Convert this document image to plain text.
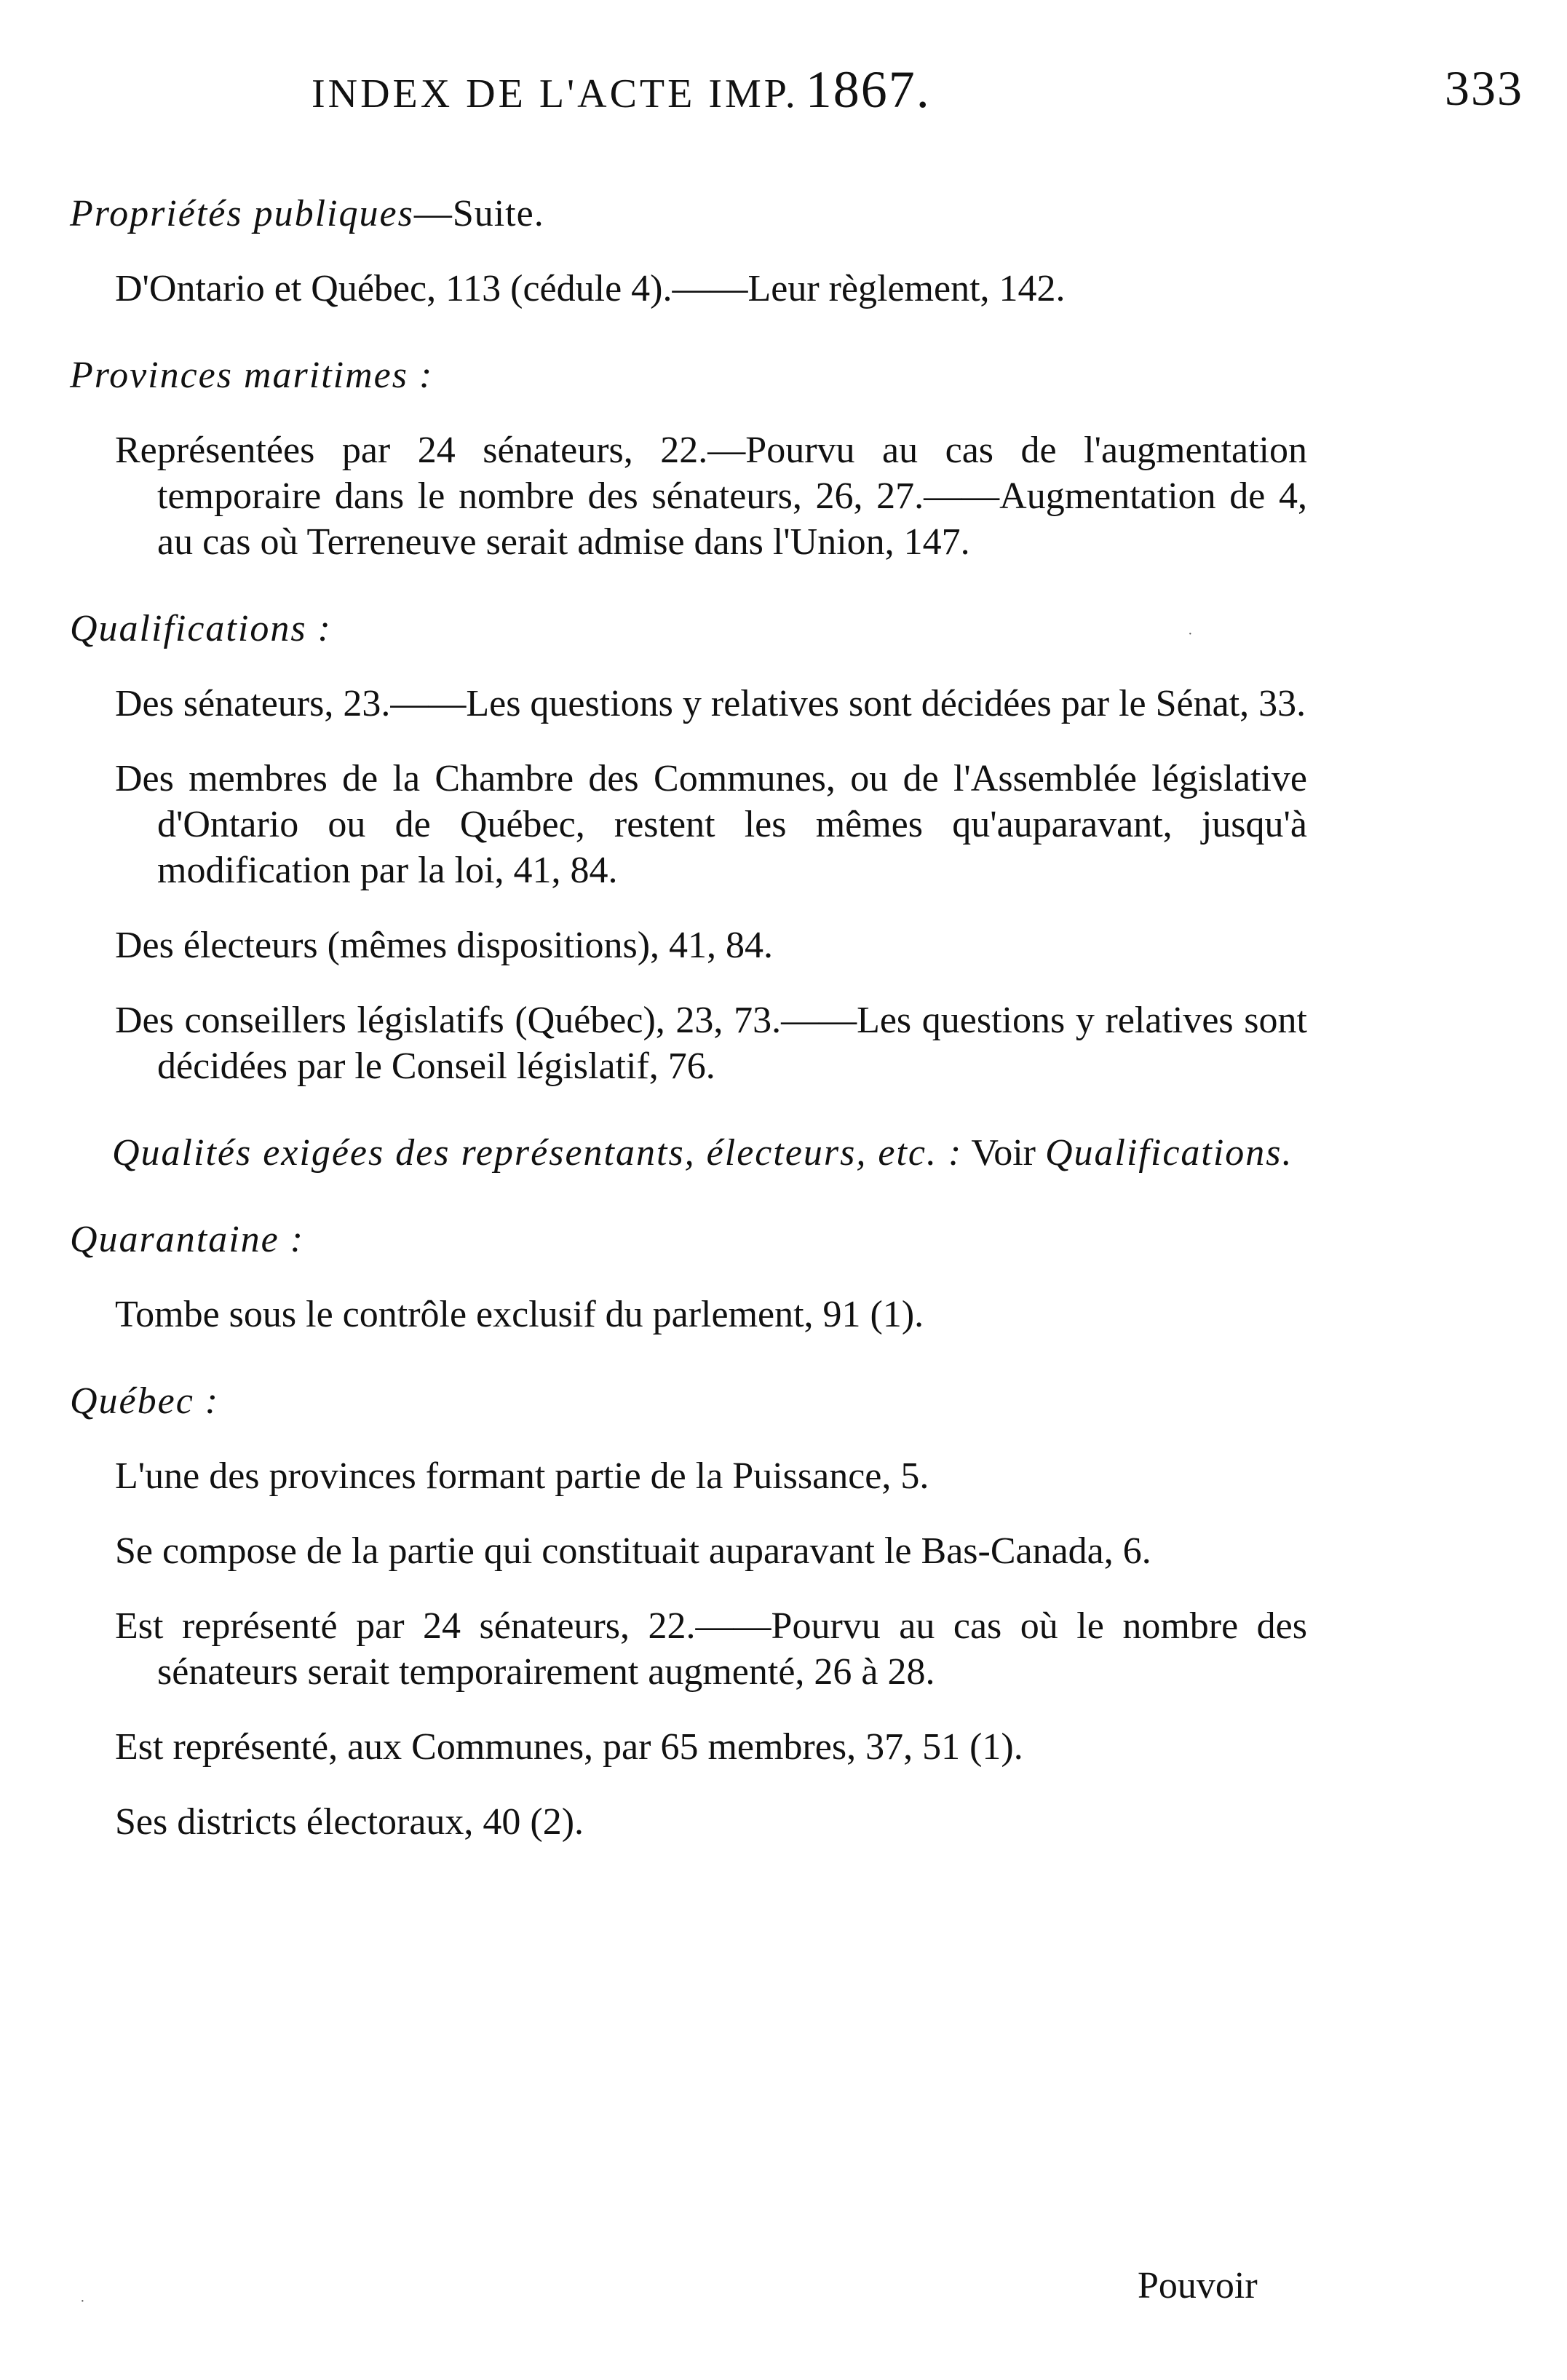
INDEX DE L'ACTE IMP. 1867.	333
Propriétés publiques—Suite.
D'Ontario et Québec, 113 (cédule 4).——Leur règlement, 142.
Provinces maritimes :
Représentées par 24 sénateurs, 22.—Pourvu au cas de l'augmentation temporaire dans le nombre des sénateurs, 26, 27.——Augmentation de 4, au cas où Terreneuve serait admise dans l'Union, 147.
Qualifications :
Des sénateurs, 23.——Les questions y relatives sont décidées par le Sénat, 33.
Des membres de la Chambre des Communes, ou de l'Assemblée législative d'Ontario ou de Québec, restent les mêmes qu'auparavant, jusqu'à modification par la loi, 41, 84.
Des électeurs (mêmes dispositions), 41, 84.
Des conseillers législatifs (Québec), 23, 73.——Les questions y relatives sont décidées par le Conseil législatif, 76.
Qualités exigées des représentants, électeurs, etc. : Voir Qualifications.
Quarantaine :
Tombe sous le contrôle exclusif du parlement, 91 (1).
Québec :
L'une des provinces formant partie de la Puissance, 5.
Se compose de la partie qui constituait auparavant le Bas-Canada, 6.
Est représenté par 24 sénateurs, 22.——Pourvu au cas où le nombre des sénateurs serait temporairement augmenté, 26 à 28.
Est représenté, aux Communes, par 65 membres, 37, 51 (1).
Ses districts électoraux, 40 (2).
Pouvoir
·
·
